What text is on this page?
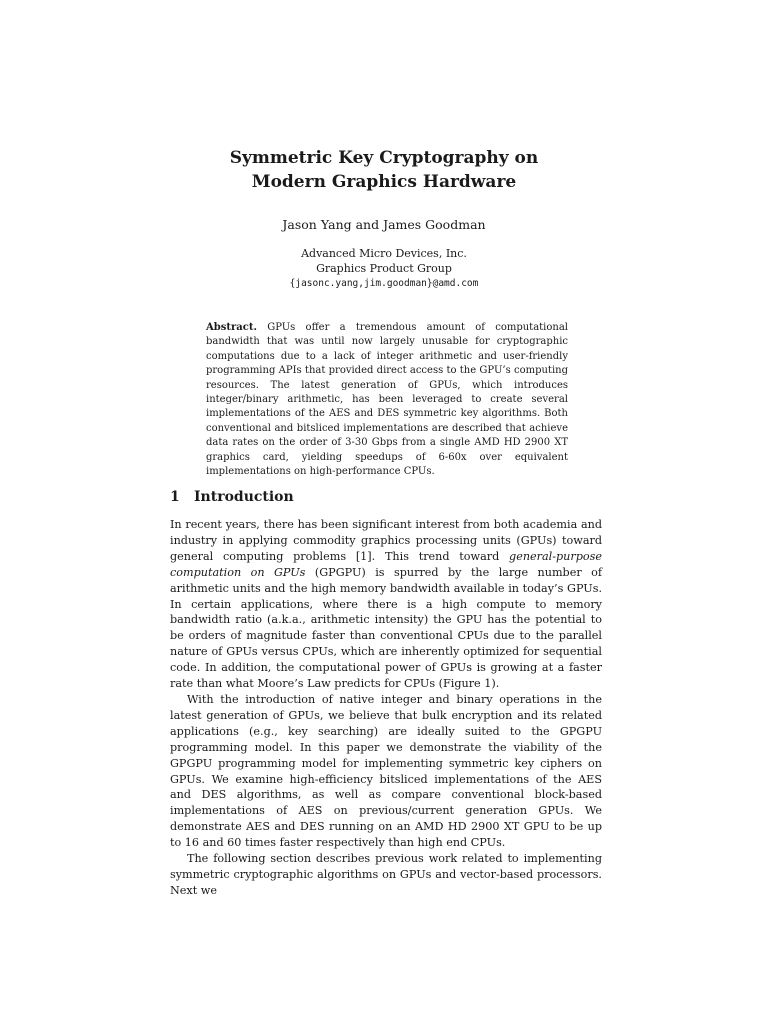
Symmetric Key Cryptography on
Modern Graphics Hardware
Jason Yang and James Goodman
Advanced Micro Devices, Inc.
Graphics Product Group
{jasonc.yang,jim.goodman}@amd.com
Abstract. GPUs offer a tremendous amount of computational bandwidth that was until now largely unusable for cryptographic computations due to a lack of integer arithmetic and user-friendly programming APIs that provided direct access to the GPU’s computing resources. The latest generation of GPUs, which introduces integer/binary arithmetic, has been leveraged to create several implementations of the AES and DES symmetric key algorithms. Both conventional and bitsliced implementations are described that achieve data rates on the order of 3-30 Gbps from a single AMD HD 2900 XT graphics card, yielding speedups of 6-60x over equivalent implementations on high-performance CPUs.
1 Introduction

In recent years, there has been significant interest from both academia and industry in applying commodity graphics processing units (GPUs) toward general computing problems [1]. This trend toward general-purpose computation on GPUs (GPGPU) is spurred by the large number of arithmetic units and the high memory bandwidth available in today’s GPUs. In certain applications, where there is a high compute to memory bandwidth ratio (a.k.a., arithmetic intensity) the GPU has the potential to be orders of magnitude faster than conventional CPUs due to the parallel nature of GPUs versus CPUs, which are inherently optimized for sequential code. In addition, the computational power of GPUs is growing at a faster rate than what Moore’s Law predicts for CPUs (Figure 1).

With the introduction of native integer and binary operations in the latest generation of GPUs, we believe that bulk encryption and its related applications (e.g., key searching) are ideally suited to the GPGPU programming model. In this paper we demonstrate the viability of the GPGPU programming model for implementing symmetric key ciphers on GPUs. We examine high-efficiency bitsliced implementations of the AES and DES algorithms, as well as compare conventional block-based implementations of AES on previous/current generation GPUs. We demonstrate AES and DES running on an AMD HD 2900 XT GPU to be up to 16 and 60 times faster respectively than high end CPUs.

The following section describes previous work related to implementing symmetric cryptographic algorithms on GPUs and vector-based processors. Next we
